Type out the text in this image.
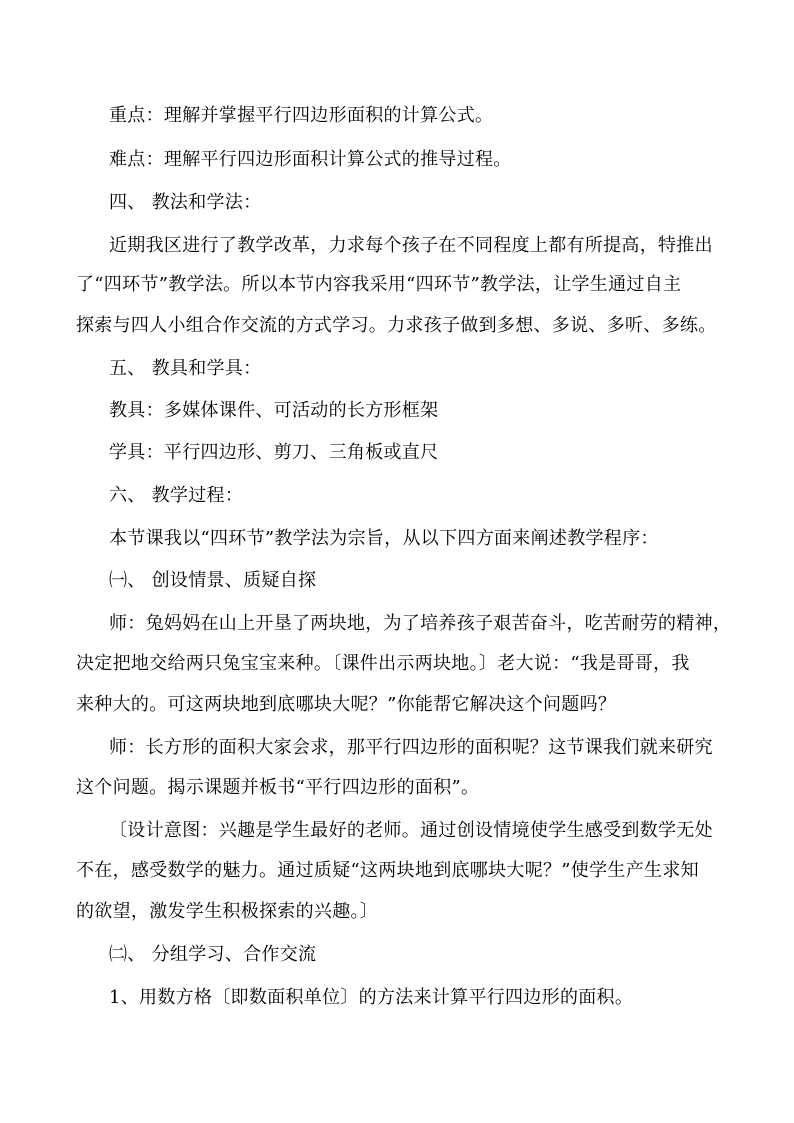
重点：理解并掌握平行四边形面积的计算公式。
难点：理解平行四边形面积计算公式的推导过程。
四、 教法和学法：
近期我区进行了教学改革，力求每个孩子在不同程度上都有所提高，特推出
了“四环节”教学法。所以本节内容我采用“四环节”教学法，让学生通过自主
探索与四人小组合作交流的方式学习。力求孩子做到多想、多说、多听、多练。
五、 教具和学具：
教具：多媒体课件、可活动的长方形框架
学具：平行四边形、剪刀、三角板或直尺
六、 教学过程：
本节课我以“四环节”教学法为宗旨，从以下四方面来阐述教学程序：
㈠、 创设情景、质疑自探
师：兔妈妈在山上开垦了两块地，为了培养孩子艰苦奋斗，吃苦耐劳的精神，
决定把地交给两只兔宝宝来种。〔课件出示两块地。〕老大说：“我是哥哥，我
来种大的。可这两块地到底哪块大呢？”你能帮它解决这个问题吗？
师：长方形的面积大家会求，那平行四边形的面积呢？这节课我们就来研究
这个问题。揭示课题并板书“平行四边形的面积”。
〔设计意图：兴趣是学生最好的老师。通过创设情境使学生感受到数学无处
不在，感受数学的魅力。通过质疑“这两块地到底哪块大呢？”使学生产生求知
的欲望，激发学生积极探索的兴趣。〕
㈡、 分组学习、合作交流
1、用数方格〔即数面积单位〕的方法来计算平行四边形的面积。
